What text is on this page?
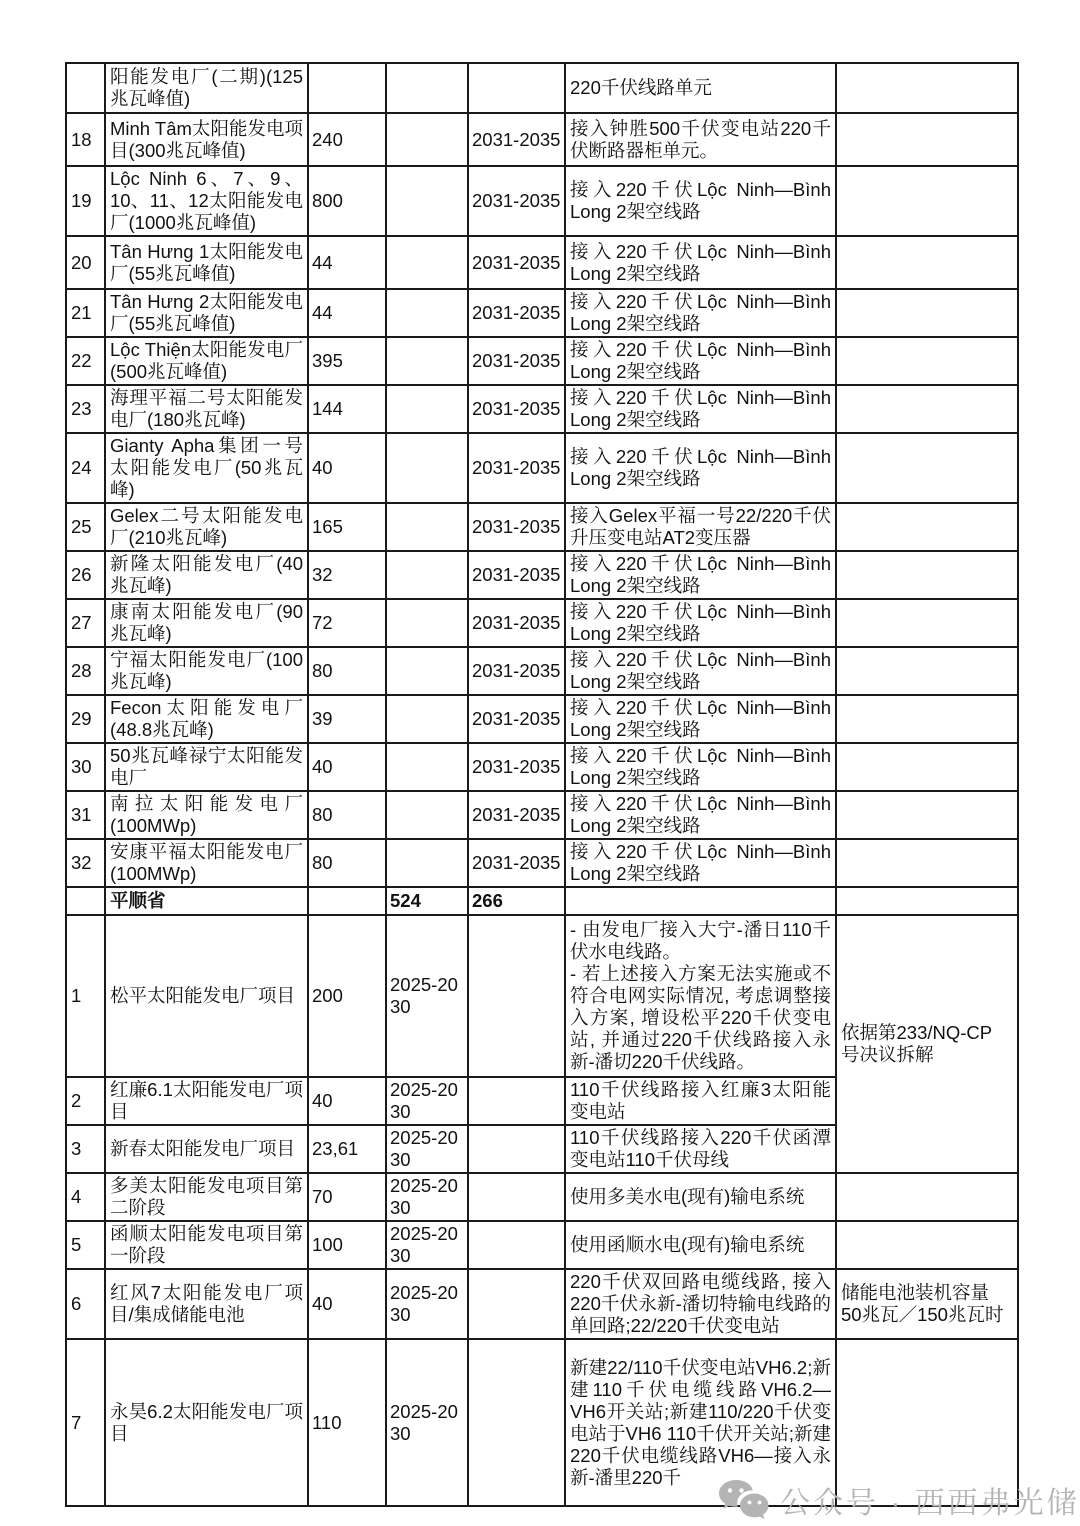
	阳能发电厂(二期)(125兆瓦峰值)				220千伏线路单元	
18	Minh Tâm太阳能发电项目(300兆瓦峰值)	240		2031-2035	接入钟胜500千伏变电站220千伏断路器柜单元。	
19	Lộc Ninh 6、7、9、10、11、12太阳能发电厂(1000兆瓦峰值)	800		2031-2035	接入220千伏Lộc Ninh—Bình Long 2架空线路	
20	Tân Hưng 1太阳能发电厂(55兆瓦峰值)	44		2031-2035	接入220千伏Lộc Ninh—Bình Long 2架空线路	
21	Tân Hưng 2太阳能发电厂(55兆瓦峰值)	44		2031-2035	接入220千伏Lộc Ninh—Bình Long 2架空线路	
22	Lộc Thiện太阳能发电厂(500兆瓦峰值)	395		2031-2035	接入220千伏Lộc Ninh—Bình Long 2架空线路	
23	海理平福二号太阳能发电厂(180兆瓦峰)	144		2031-2035	接入220千伏Lộc Ninh—Bình Long 2架空线路	
24	Gianty Apha集团一号太阳能发电厂(50兆瓦峰)	40		2031-2035	接入220千伏Lộc Ninh—Bình Long 2架空线路	
25	Gelex二号太阳能发电厂(210兆瓦峰)	165		2031-2035	接入Gelex平福一号22/220千伏升压变电站AT2变压器	
26	新隆太阳能发电厂(40兆瓦峰)	32		2031-2035	接入220千伏Lộc Ninh—Bình Long 2架空线路	
27	康南太阳能发电厂(90兆瓦峰)	72		2031-2035	接入220千伏Lộc Ninh—Bình Long 2架空线路	
28	宁福太阳能发电厂(100兆瓦峰)	80		2031-2035	接入220千伏Lộc Ninh—Bình Long 2架空线路	
29	Fecon太阳能发电厂(48.8兆瓦峰)	39		2031-2035	接入220千伏Lộc Ninh—Bình Long 2架空线路	
30	50兆瓦峰禄宁太阳能发电厂	40		2031-2035	接入220千伏Lộc Ninh—Bình Long 2架空线路	
31	南拉太阳能发电厂(100MWp)	80		2031-2035	接入220千伏Lộc Ninh—Bình Long 2架空线路	
32	安康平福太阳能发电厂(100MWp)	80		2031-2035	接入220千伏Lộc Ninh—Bình Long 2架空线路	
	平顺省		524	266		
1	松平太阳能发电厂项目	200	2025-2030		- 由发电厂接入大宁-潘日110千伏水电线路。
- 若上述接入方案无法实施或不符合电网实际情况, 考虑调整接入方案, 增设松平220千伏变电站, 并通过220千伏线路接入永新-潘切220千伏线路。	依据第233/NQ-CP号决议拆解
2	红廉6.1太阳能发电厂项目	40	2025-2030		110千伏线路接入红廉3太阳能变电站	
3	新春太阳能发电厂项目	23,61	2025-2030		110千伏线路接入220千伏函潭变电站110千伏母线	
4	多美太阳能发电项目第二阶段	70	2025-2030		使用多美水电(现有)输电系统	
5	函顺太阳能发电项目第一阶段	100	2025-2030		使用函顺水电(现有)输电系统	
6	红风7太阳能发电厂项目/集成储能电池	40	2025-2030		220千伏双回路电缆线路, 接入220千伏永新-潘切特输电线路的单回路;22/220千伏变电站	储能电池装机容量50兆瓦／150兆瓦时
7	永昊6.2太阳能发电厂项目	110	2025-2030		新建22/110千伏变电站VH6.2;新建110千伏电缆线路VH6.2—VH6开关站;新建110/220千伏变电站于VH6 110千伏开关站;新建220千伏电缆线路VH6—接入永新-潘里220千	
公众号 · 西西弗光储
